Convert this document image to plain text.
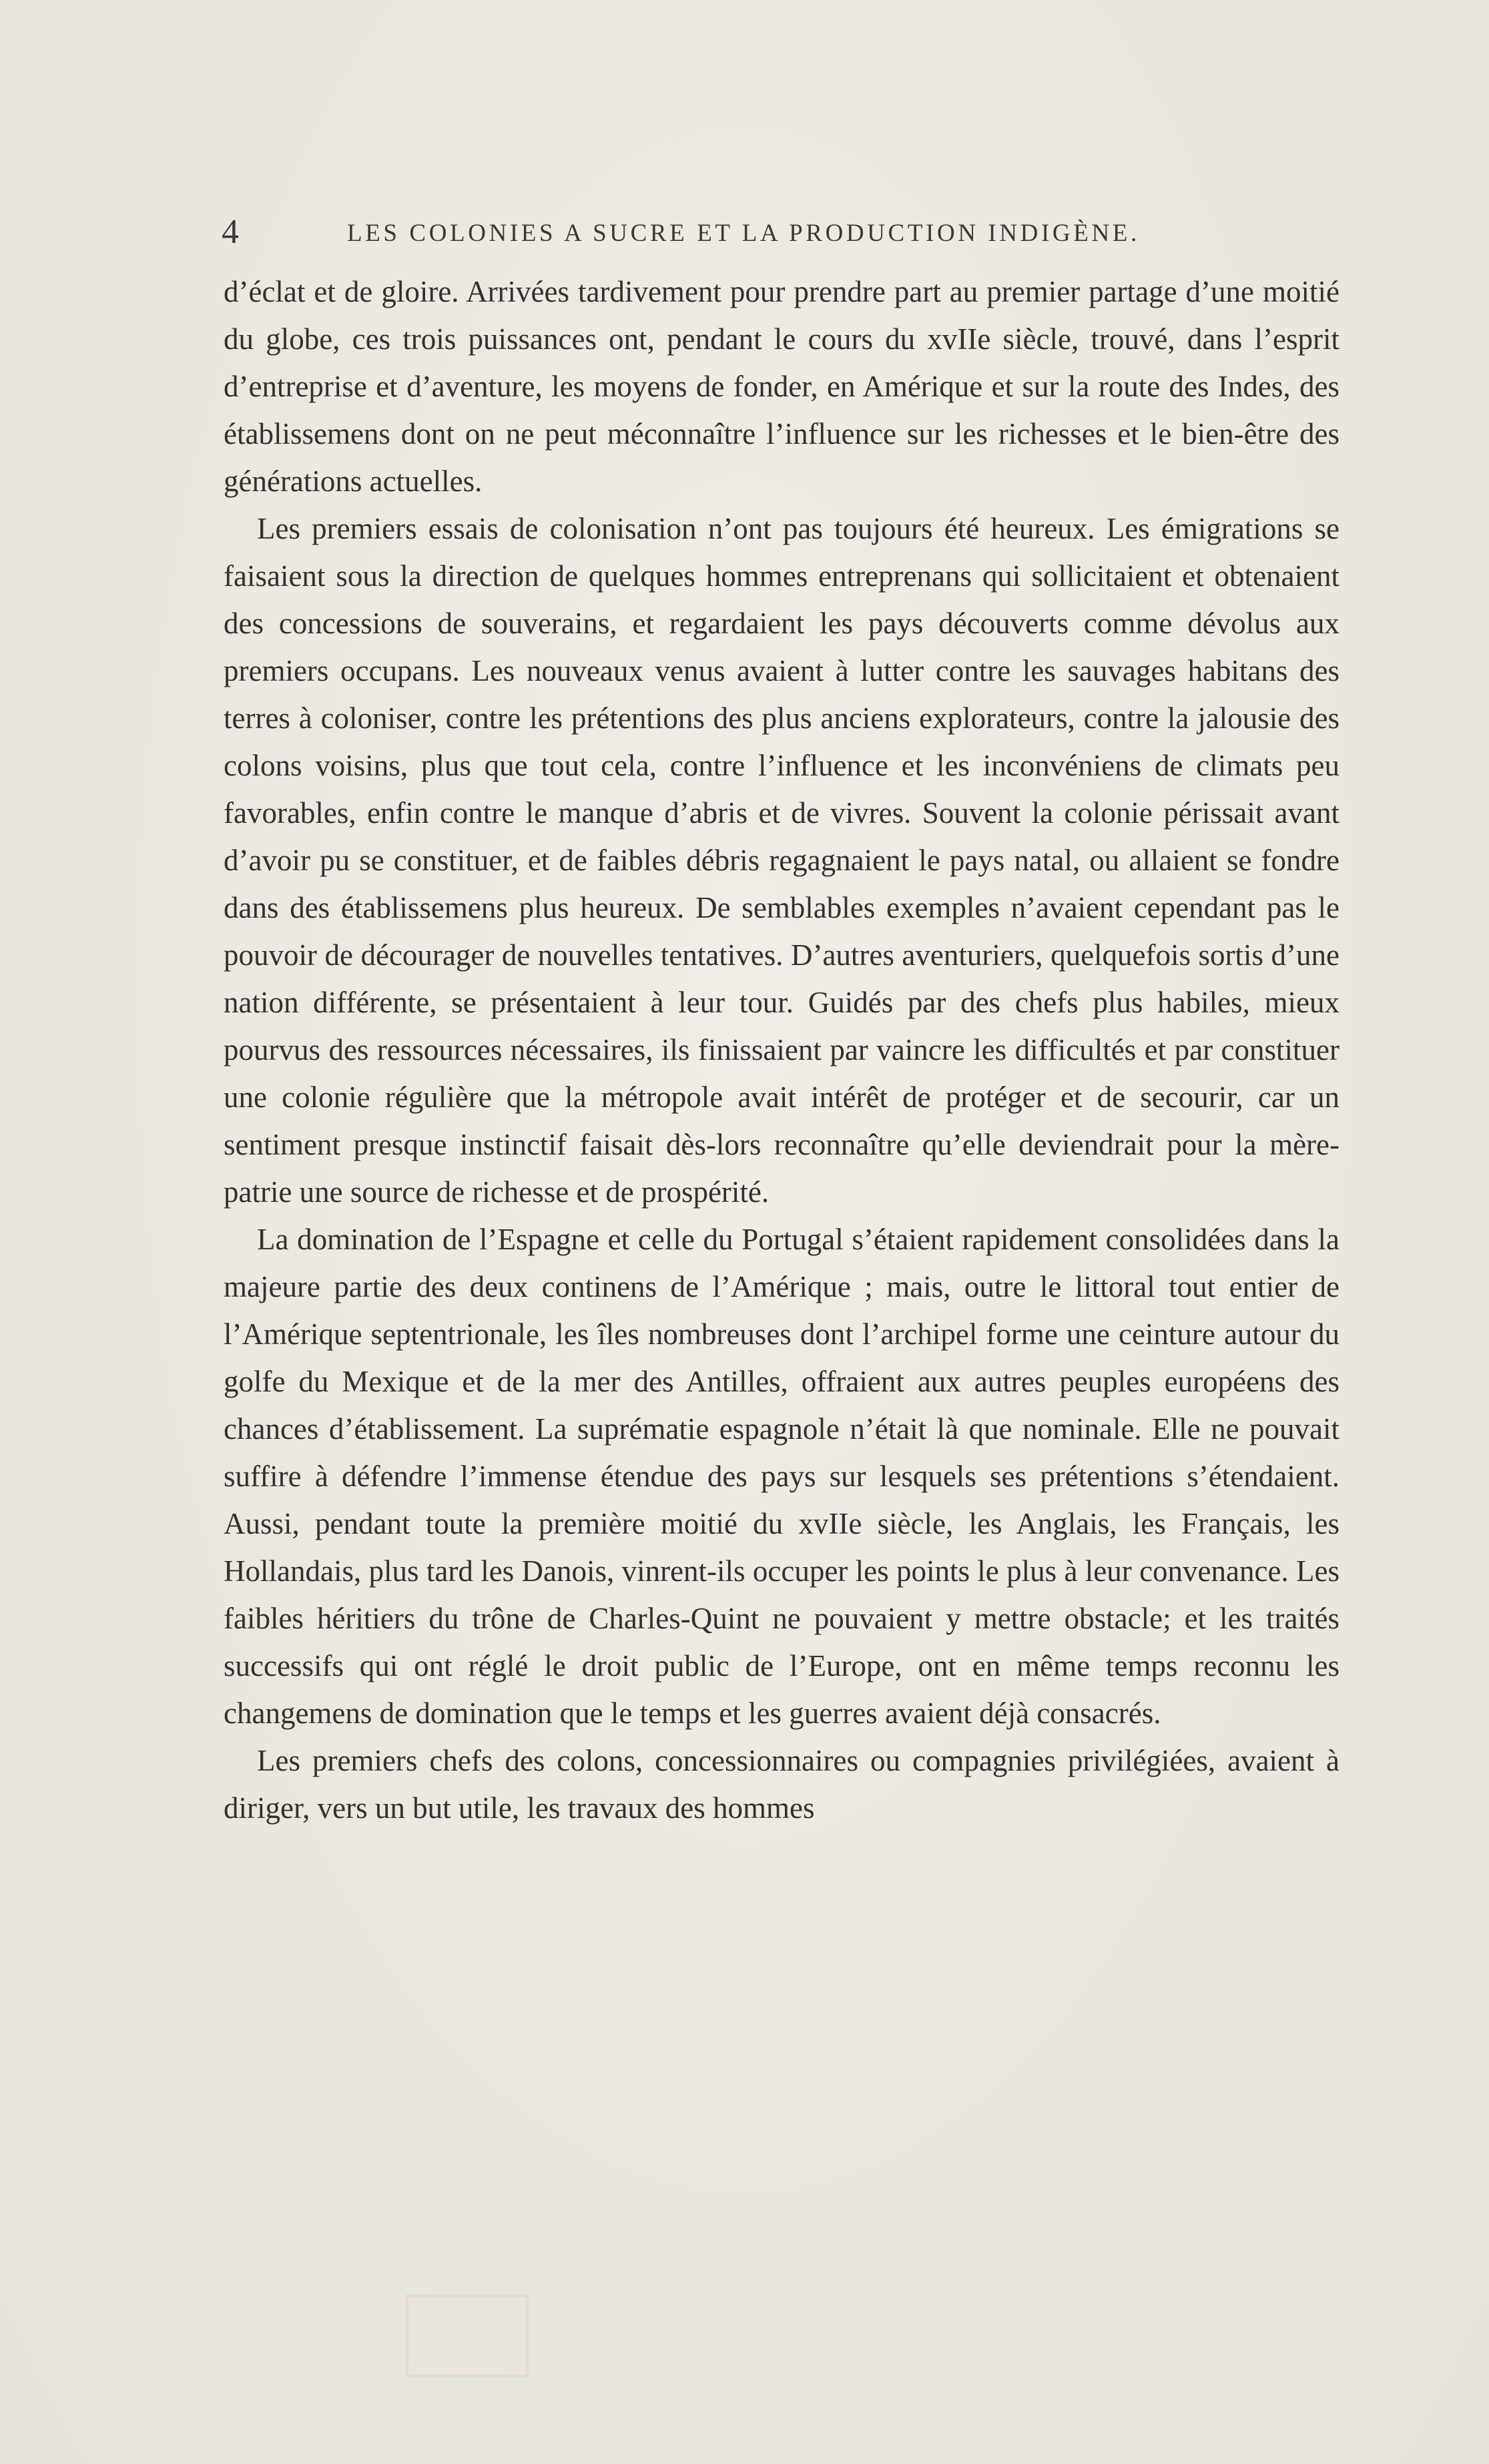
4	LES COLONIES A SUCRE ET LA PRODUCTION INDIGÈNE.

d’éclat et de gloire. Arrivées tardivement pour prendre part au premier partage d’une moitié du globe, ces trois puissances ont, pendant le cours du xvIIe siècle, trouvé, dans l’esprit d’entreprise et d’aventure, les moyens de fonder, en Amérique et sur la route des Indes, des établissemens dont on ne peut méconnaître l’influence sur les richesses et le bien-être des générations actuelles.

Les premiers essais de colonisation n’ont pas toujours été heureux. Les émigrations se faisaient sous la direction de quelques hommes entreprenans qui sollicitaient et obtenaient des concessions de souverains, et regardaient les pays découverts comme dévolus aux premiers occupans. Les nouveaux venus avaient à lutter contre les sauvages habitans des terres à coloniser, contre les prétentions des plus anciens explorateurs, contre la jalousie des colons voisins, plus que tout cela, contre l’influence et les inconvéniens de climats peu favorables, enfin contre le manque d’abris et de vivres. Souvent la colonie périssait avant d’avoir pu se constituer, et de faibles débris regagnaient le pays natal, ou allaient se fondre dans des établissemens plus heureux. De semblables exemples n’avaient cependant pas le pouvoir de décourager de nouvelles tentatives. D’autres aventuriers, quelquefois sortis d’une nation différente, se présentaient à leur tour. Guidés par des chefs plus habiles, mieux pourvus des ressources nécessaires, ils finissaient par vaincre les difficultés et par constituer une colonie régulière que la métropole avait intérêt de protéger et de secourir, car un sentiment presque instinctif faisait dès-lors reconnaître qu’elle deviendrait pour la mère-patrie une source de richesse et de prospérité.

La domination de l’Espagne et celle du Portugal s’étaient rapidement consolidées dans la majeure partie des deux continens de l’Amérique ; mais, outre le littoral tout entier de l’Amérique septentrionale, les îles nombreuses dont l’archipel forme une ceinture autour du golfe du Mexique et de la mer des Antilles, offraient aux autres peuples européens des chances d’établissement. La suprématie espagnole n’était là que nominale. Elle ne pouvait suffire à défendre l’immense étendue des pays sur lesquels ses prétentions s’étendaient. Aussi, pendant toute la première moitié du xvIIe siècle, les Anglais, les Français, les Hollandais, plus tard les Danois, vinrent-ils occuper les points le plus à leur convenance. Les faibles héritiers du trône de Charles-Quint ne pouvaient y mettre obstacle; et les traités successifs qui ont réglé le droit public de l’Europe, ont en même temps reconnu les changemens de domination que le temps et les guerres avaient déjà consacrés.

Les premiers chefs des colons, concessionnaires ou compagnies privilégiées, avaient à diriger, vers un but utile, les travaux des hommes
